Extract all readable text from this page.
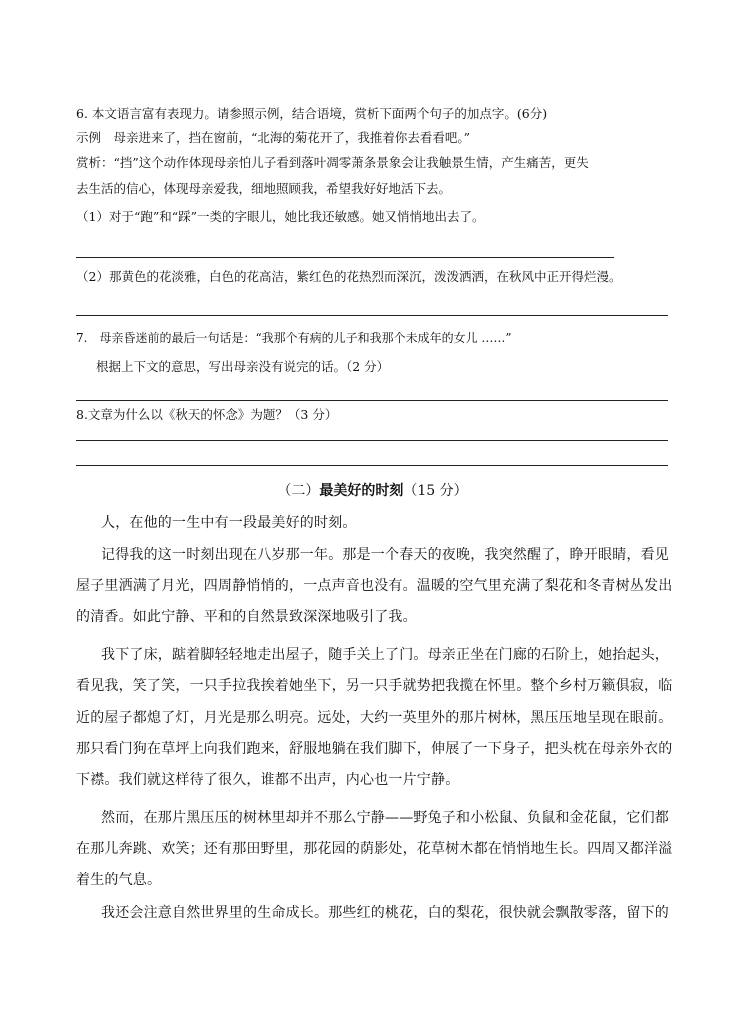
6. 本文语言富有表现力。请参照示例，结合语境，赏析下面两个句子的加点字。(6分)
示例　母亲进来了，挡在窗前，“北海的菊花开了，我推着你去看看吧。”
赏析：“挡”这个动作体现母亲怕儿子看到落叶凋零萧条景象会让我触景生情，产生痛苦，更失
去生活的信心，体现母亲爱我，细地照顾我，希望我好好地活下去。
（1）对于“跑”和“踩”一类的字眼儿，她比我还敏感。她又悄悄地出去了。
（2）那黄色的花淡雅，白色的花高洁，紫红色的花热烈而深沉，泼泼洒洒，在秋风中正开得烂漫。
7.　母亲昏迷前的最后一句话是：“我那个有病的儿子和我那个未成年的女儿 ……”
根据上下文的意思，写出母亲没有说完的话。（2 分）
8.文章为什么以《秋天的怀念》为题？（3 分）
（二）最美好的时刻（15 分）
人，在他的一生中有一段最美好的时刻。
记得我的这一时刻出现在八岁那一年。那是一个春天的夜晚，我突然醒了，睁开眼睛，看见
屋子里洒满了月光，四周静悄悄的，一点声音也没有。温暖的空气里充满了梨花和冬青树丛发出
的清香。如此宁静、平和的自然景致深深地吸引了我。
我下了床，踮着脚轻轻地走出屋子，随手关上了门。母亲正坐在门廊的石阶上，她抬起头，
看见我，笑了笑，一只手拉我挨着她坐下，另一只手就势把我揽在怀里。整个乡村万籁俱寂，临
近的屋子都熄了灯，月光是那么明亮。远处，大约一英里外的那片树林，黑压压地呈现在眼前。
那只看门狗在草坪上向我们跑来，舒服地躺在我们脚下，伸展了一下身子，把头枕在母亲外衣的
下襟。我们就这样待了很久，谁都不出声，内心也一片宁静。
然而，在那片黑压压的树林里却并不那么宁静——野兔子和小松鼠、负鼠和金花鼠，它们都
在那儿奔跳、欢笑；还有那田野里，那花园的荫影处，花草树木都在悄悄地生长。四周又都洋溢
着生的气息。
我还会注意自然世界里的生命成长。那些红的桃花，白的梨花，很快就会飘散零落，留下的
